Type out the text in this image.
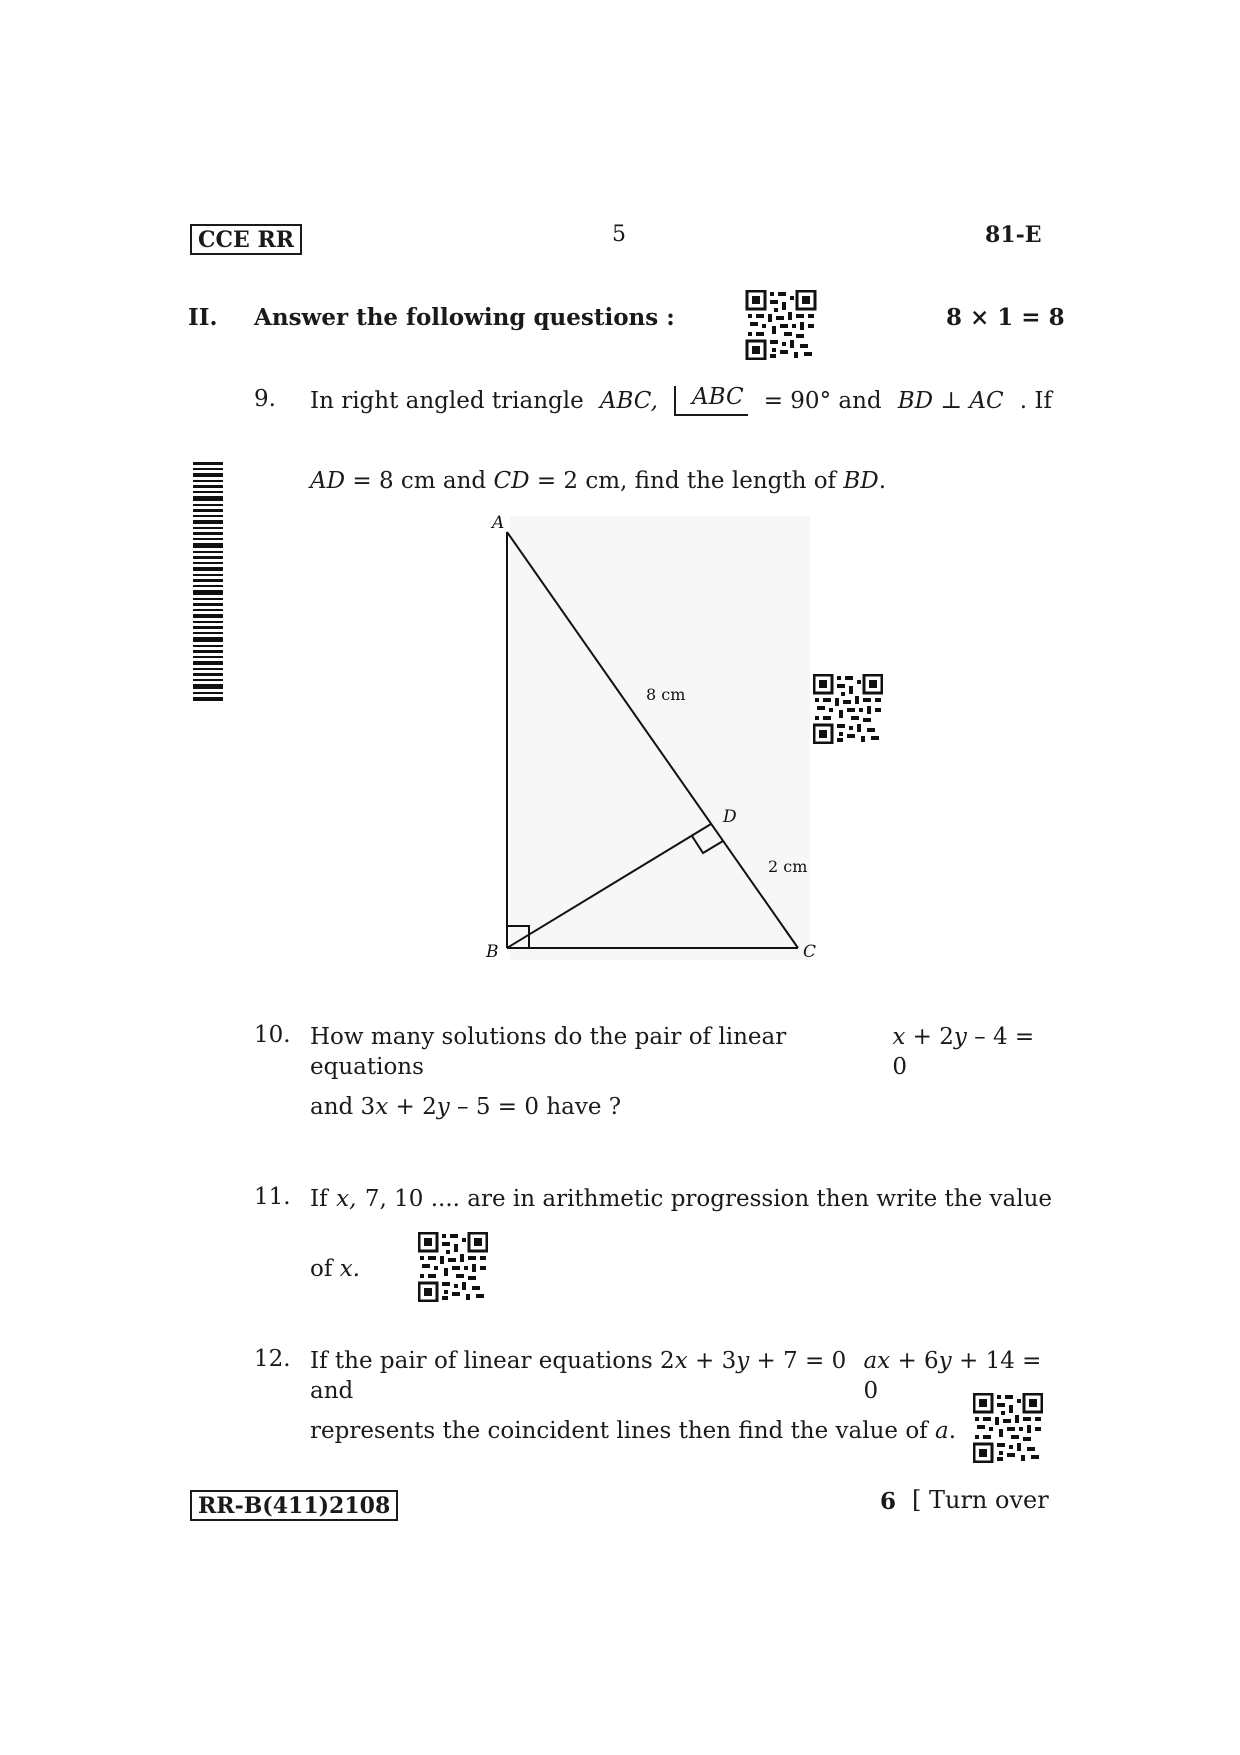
CCE RR	5	81-E
II. Answer the following questions :	8 × 1 = 8
9. In right angled triangle ABC,	ABC = 90° and BD ⊥ AC . If
AD = 8 cm and CD = 2 cm, find the length of BD.
A
B	C
D
8 cm
2 cm
10. How many solutions do the pair of linear equations
x + 2y – 4 = 0
and 3x + 2y – 5 = 0 have ?
11. If x, 7, 10 .... are in arithmetic progression then write the value
of x.
12. If the pair of linear equations 2x + 3y + 7 = 0 and
ax + 6y + 14 = 0
represents the coincident lines then find the value of a.
RR-B(411)2108	6 [ Turn over
